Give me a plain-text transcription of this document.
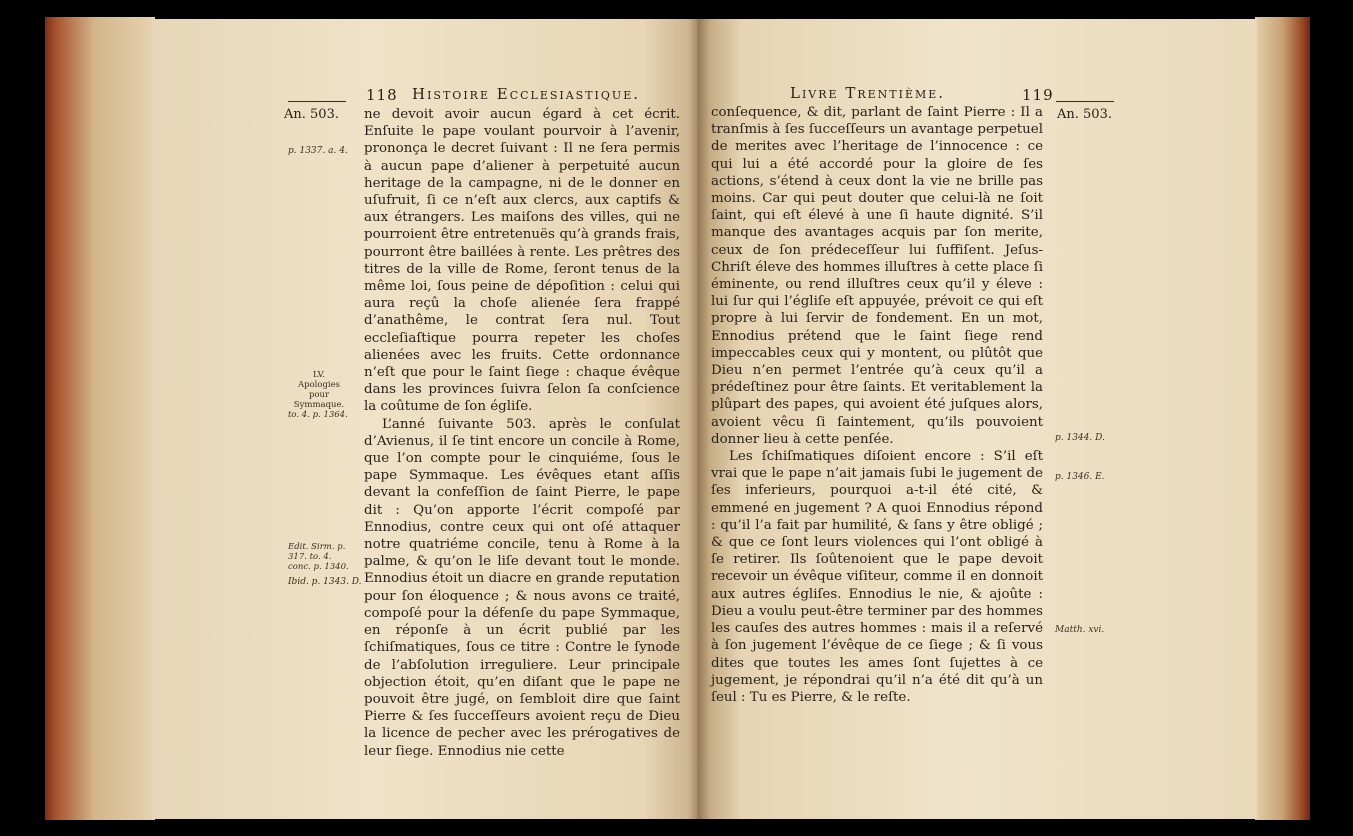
118 Histoire Ecclesiastique.
An. 503. ne devoit avoir aucun égard à cet écrit. Enſuite le pape voulant pourvoir à l’avenir, prononça le decret ſuivant : Il ne ſera permis à aucun pape d’aliener à perpetuité aucun heritage de la campagne, ni de le donner en uſufruit, ſi ce n’eſt aux clercs, aux captifs & aux étrangers. Les maiſons des villes, qui ne pourroient être entretenuës qu’à grands frais, pourront être baillées à rente. Les prêtres des titres de la ville de Rome, ſeront tenus de la même loi, ſous peine de dépoſition : celui qui aura reçû la choſe alienée ſera frappé d’anathême, le contrat ſera nul. Tout eccleſiaſtique pourra repeter les choſes alienées avec les fruits. Cette ordonnance n’eſt que pour le ſaint ſiege : chaque évêque dans les provinces ſuivra ſelon ſa conſcience la coûtume de ſon égliſe.

L’anné ſuivante 503. après le conſulat d’Avienus, il ſe tint encore un concile à Rome, que l’on compte pour le cinquiéme, ſous le pape Symmaque. Les évêques etant aſſis devant la confeſſion de ſaint Pierre, le pape dit : Qu’on apporte l’écrit compoſé par Ennodius, contre ceux qui ont oſé attaquer notre quatriéme concile, tenu à Rome à la palme, & qu’on le liſe devant tout le monde. Ennodius étoit un diacre en grande reputation pour ſon éloquence ; & nous avons ce traité, compoſé pour la défenſe du pape Symmaque, en réponſe à un écrit publié par les ſchiſmatiques, ſous ce titre : Contre le ſynode de l’abſolution irreguliere. Leur principale objection étoit, qu’en diſant que le pape ne pouvoit être jugé, on ſembloit dire que ſaint Pierre & ſes ſucceſſeurs avoient reçu de Dieu la licence de pecher avec les prérogatives de leur ſiege. Ennodius nie cette

p. 1337. a. 4.
LV.
Apologies pour Symmaque.
to. 4. p. 1364.
Edit. Sirm. p. 317. to. 4. conc. p. 1340.
Ibid. p. 1343. D.
Livre Trentième.	119
An. 503.

conſequence, & dit, parlant de ſaint Pierre : Il a tranſmis à ſes ſucceſſeurs un avantage perpetuel de merites avec l’heritage de l’innocence : ce qui lui a été accordé pour la gloire de ſes actions, s’étend à ceux dont la vie ne brille pas moins. Car qui peut douter que celui-là ne ſoit ſaint, qui eſt élevé à une ſi haute dignité. S’il manque des avantages acquis par ſon merite, ceux de ſon prédeceſſeur lui ſuffiſent. Jeſus-Chriſt éleve des hommes illuſtres à cette place ſi éminente, ou rend illuſtres ceux qu’il y éleve : lui ſur qui l’égliſe eſt appuyée, prévoit ce qui eſt propre à lui ſervir de fondement. En un mot, Ennodius prétend que le ſaint ſiege rend impeccables ceux qui y montent, ou plûtôt que Dieu n’en permet l’entrée qu’à ceux qu’il a prédeſtinez pour être ſaints. Et veritablement la plûpart des papes, qui avoient été juſques alors, avoient vêcu ſi ſaintement, qu’ils pouvoient donner lieu à cette penſée.

Les ſchiſmatiques diſoient encore : S’il eſt vrai que le pape n’ait jamais ſubi le jugement de ſes inferieurs, pourquoi a-t-il été cité, & emmené en jugement ? A quoi Ennodius répond : qu’il l’a fait par humilité, & ſans y être obligé ; & que ce ſont leurs violences qui l’ont obligé à ſe retirer. Ils ſoûtenoient que le pape devoit recevoir un évêque viſiteur, comme il en donnoit aux autres égliſes. Ennodius le nie, & ajoûte : Dieu a voulu peut-être terminer par des hommes les cauſes des autres hommes : mais il a reſervé à ſon jugement l’évêque de ce ſiege ; & ſi vous dites que toutes les ames ſont ſujettes à ce jugement, je répondrai qu’il n’a été dit qu’à un ſeul : Tu es Pierre, & le reſte.

p. 1344. D.
p. 1346. E.
Matth. xvi.
